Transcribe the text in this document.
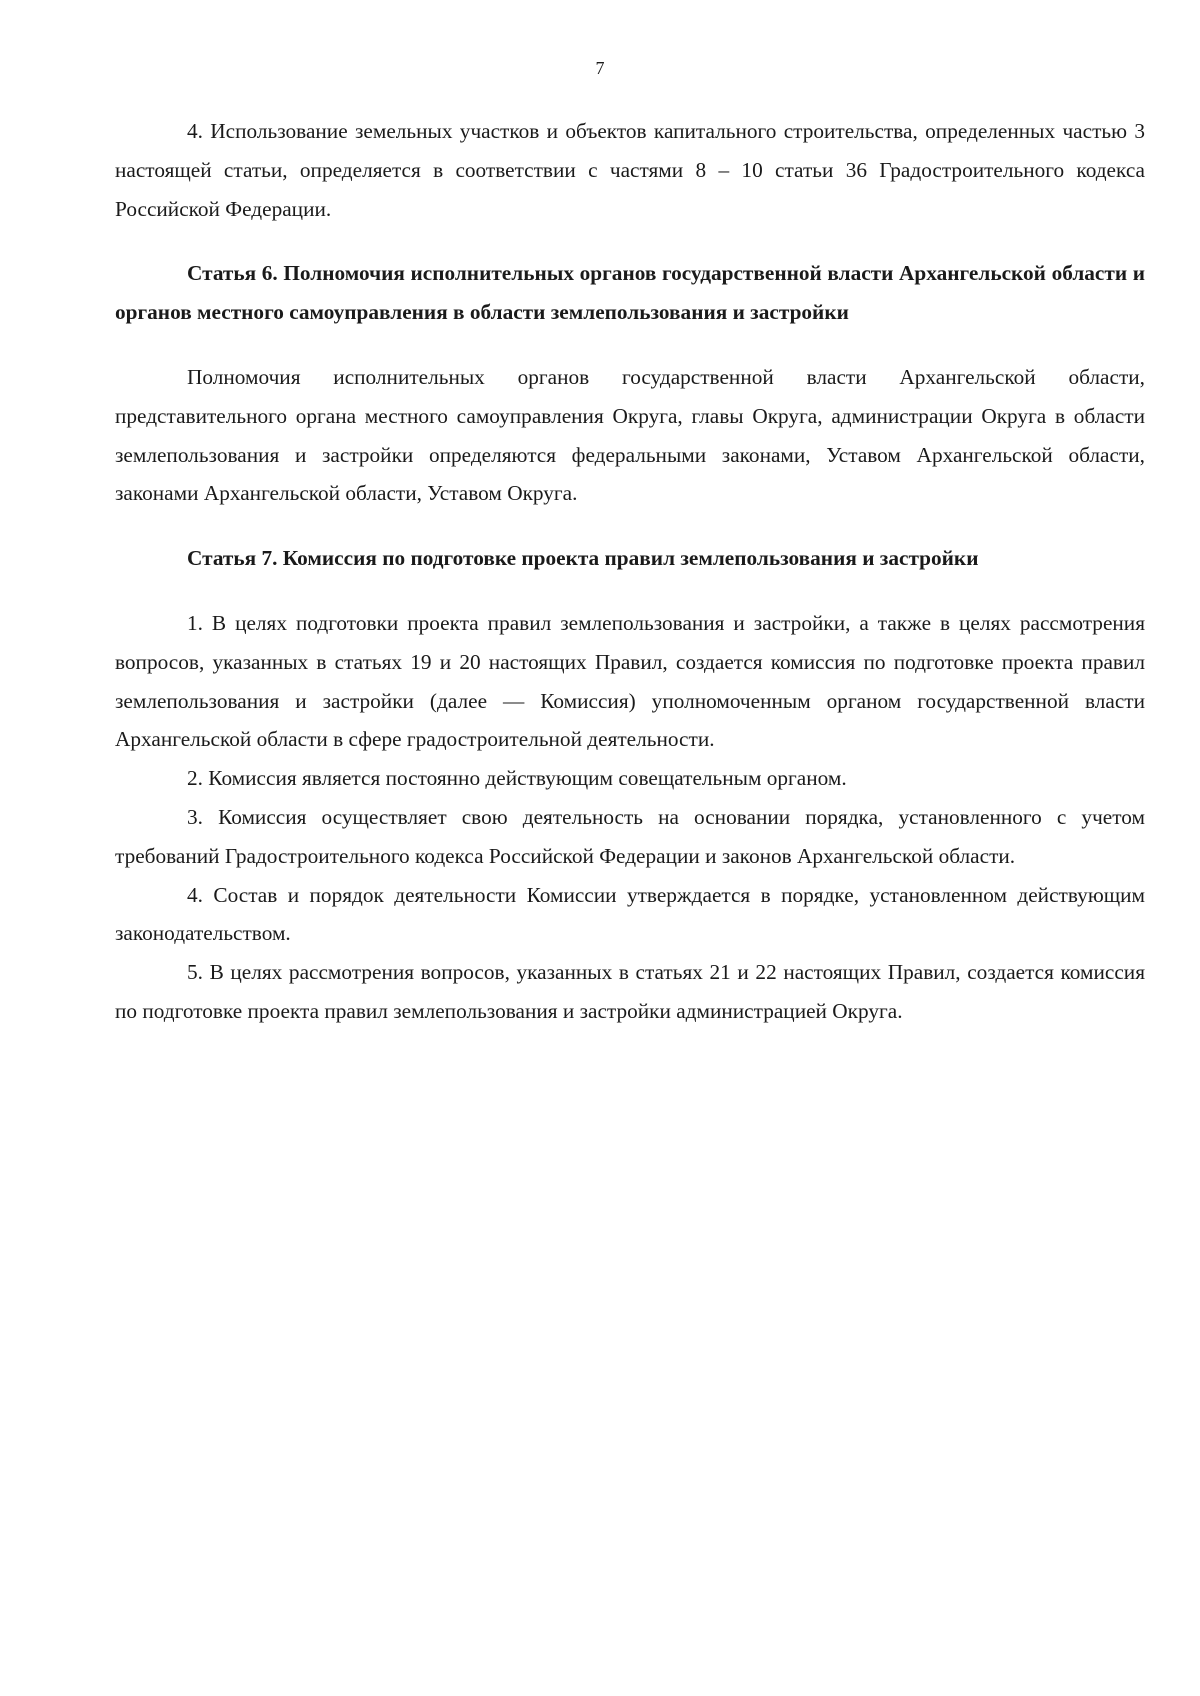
7

4. Использование земельных участков и объектов капитального строительства, определенных частью 3 настоящей статьи, определяется в соответствии с частями 8 – 10 статьи 36 Градостроительного кодекса Российской Федерации.

Статья 6. Полномочия исполнительных органов государственной власти Архангельской области и органов местного самоуправления в области землепользования и застройки

Полномочия исполнительных органов государственной власти Архангельской области, представительного органа местного самоуправления Округа, главы Округа, администрации Округа в области землепользования и застройки определяются федеральными законами, Уставом Архангельской области, законами Архангельской области, Уставом Округа.

Статья 7. Комиссия по подготовке проекта правил землепользования и застройки

1. В целях подготовки проекта правил землепользования и застройки, а также в целях рассмотрения вопросов, указанных в статьях 19 и 20 настоящих Правил, создается комиссия по подготовке проекта правил землепользования и застройки (далее — Комиссия) уполномоченным органом государственной власти Архангельской области в сфере градостроительной деятельности.

2. Комиссия является постоянно действующим совещательным органом.

3. Комиссия осуществляет свою деятельность на основании порядка, установленного с учетом требований Градостроительного кодекса Российской Федерации и законов Архангельской области.

4. Состав и порядок деятельности Комиссии утверждается в порядке, установленном действующим законодательством.

5. В целях рассмотрения вопросов, указанных в статьях 21 и 22 настоящих Правил, создается комиссия по подготовке проекта правил землепользования и застройки администрацией Округа.
